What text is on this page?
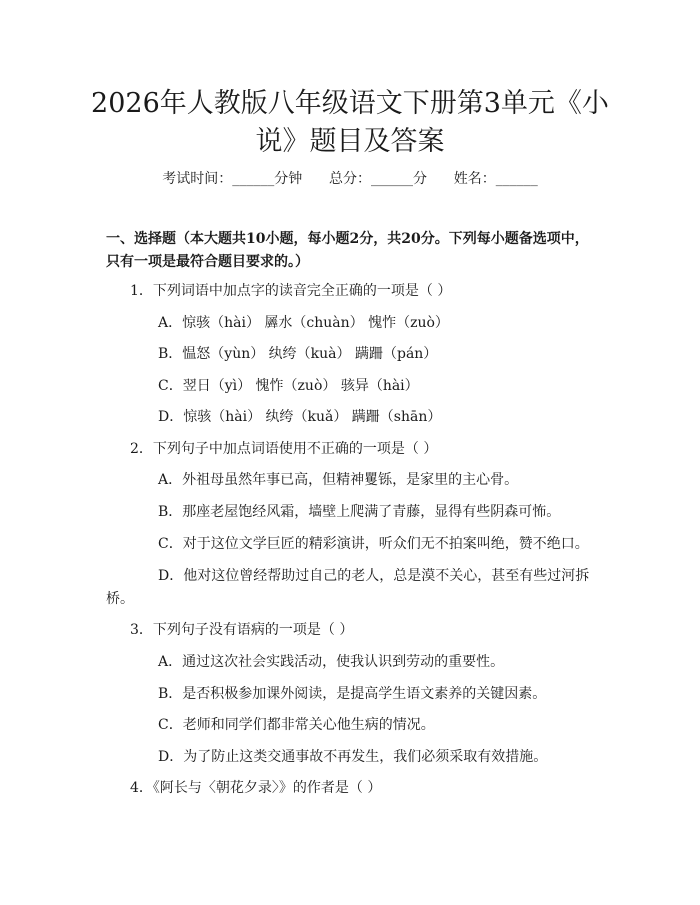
2026年人教版八年级语文下册第3单元《小
说》题目及答案
考试时间：______分钟      总分：______分      姓名：______
一、选择题（本大题共10小题，每小题2分，共20分。下列每小题备选项中，
只有一项是最符合题目要求的。）
1．下列词语中加点字的读音完全正确的一项是（ ）
A．惊骇（hài） 羼水（chuàn） 愧怍（zuò）
B．愠怒（yùn） 纨绔（kuà） 蹒跚（pán）
C．翌日（yì） 愧怍（zuò） 骇异（hài）
D．惊骇（hài） 纨绔（kuǎ） 蹒跚（shān）
2．下列句子中加点词语使用不正确的一项是（ ）
A．外祖母虽然年事已高，但精神矍铄，是家里的主心骨。
B．那座老屋饱经风霜，墙壁上爬满了青藤，显得有些阴森可怖。
C．对于这位文学巨匠的精彩演讲，听众们无不拍案叫绝，赞不绝口。
D．他对这位曾经帮助过自己的老人，总是漠不关心，甚至有些过河拆
桥。
3．下列句子没有语病的一项是（ ）
A．通过这次社会实践活动，使我认识到劳动的重要性。
B．是否积极参加课外阅读，是提高学生语文素养的关键因素。
C．老师和同学们都非常关心他生病的情况。
D．为了防止这类交通事故不再发生，我们必须采取有效措施。
4．《阿长与〈朝花夕录〉》的作者是（ ）
